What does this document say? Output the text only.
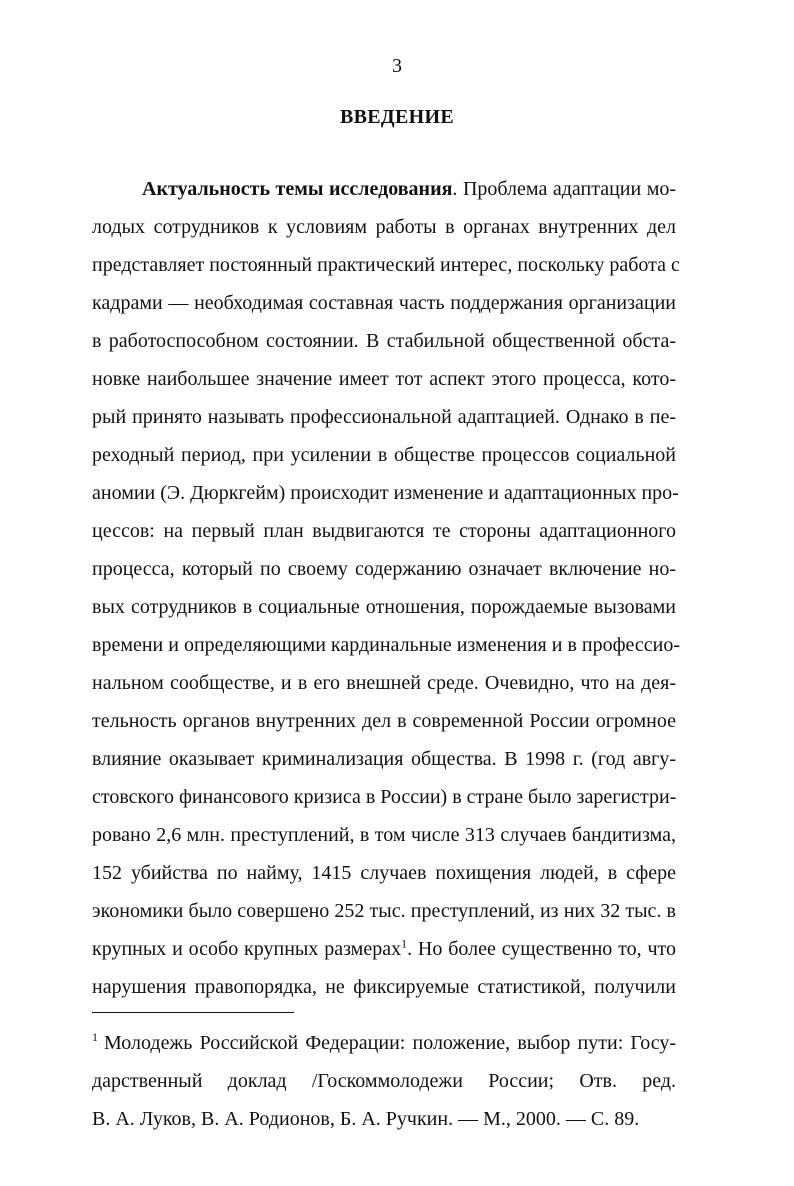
3
ВВЕДЕНИЕ
Актуальность темы исследования. Проблема адаптации мо-
лодых сотрудников к условиям работы в органах внутренних дел
представляет постоянный практический интерес, поскольку работа с
кадрами — необходимая составная часть поддержания организации
в работоспособном состоянии. В стабильной общественной обста-
новке наибольшее значение имеет тот аспект этого процесса, кото-
рый принято называть профессиональной адаптацией. Однако в пе-
реходный период, при усилении в обществе процессов социальной
аномии (Э. Дюркгейм) происходит изменение и адаптационных про-
цессов: на первый план выдвигаются те стороны адаптационного
процесса, который по своему содержанию означает включение но-
вых сотрудников в социальные отношения, порождаемые вызовами
времени и определяющими кардинальные изменения и в профессио-
нальном сообществе, и в его внешней среде. Очевидно, что на дея-
тельность органов внутренних дел в современной России огромное
влияние оказывает криминализация общества. В 1998 г. (год авгу-
стовского финансового кризиса в России) в стране было зарегистри-
ровано 2,6 млн. преступлений, в том числе 313 случаев бандитизма,
152 убийства по найму, 1415 случаев похищения людей, в сфере
экономики было совершено 252 тыс. преступлений, из них 32 тыс. в
крупных и особо крупных размерах$^1$. Но более существенно то, что
нарушения правопорядка, не фиксируемые статистикой, получили
$^1$ Молодежь Российской Федерации: положение, выбор пути: Госу-
дарственный доклад /Госкоммолодежи России; Отв. ред.
В. А. Луков, В. А. Родионов, Б. А. Ручкин. — М., 2000. — С. 89.
